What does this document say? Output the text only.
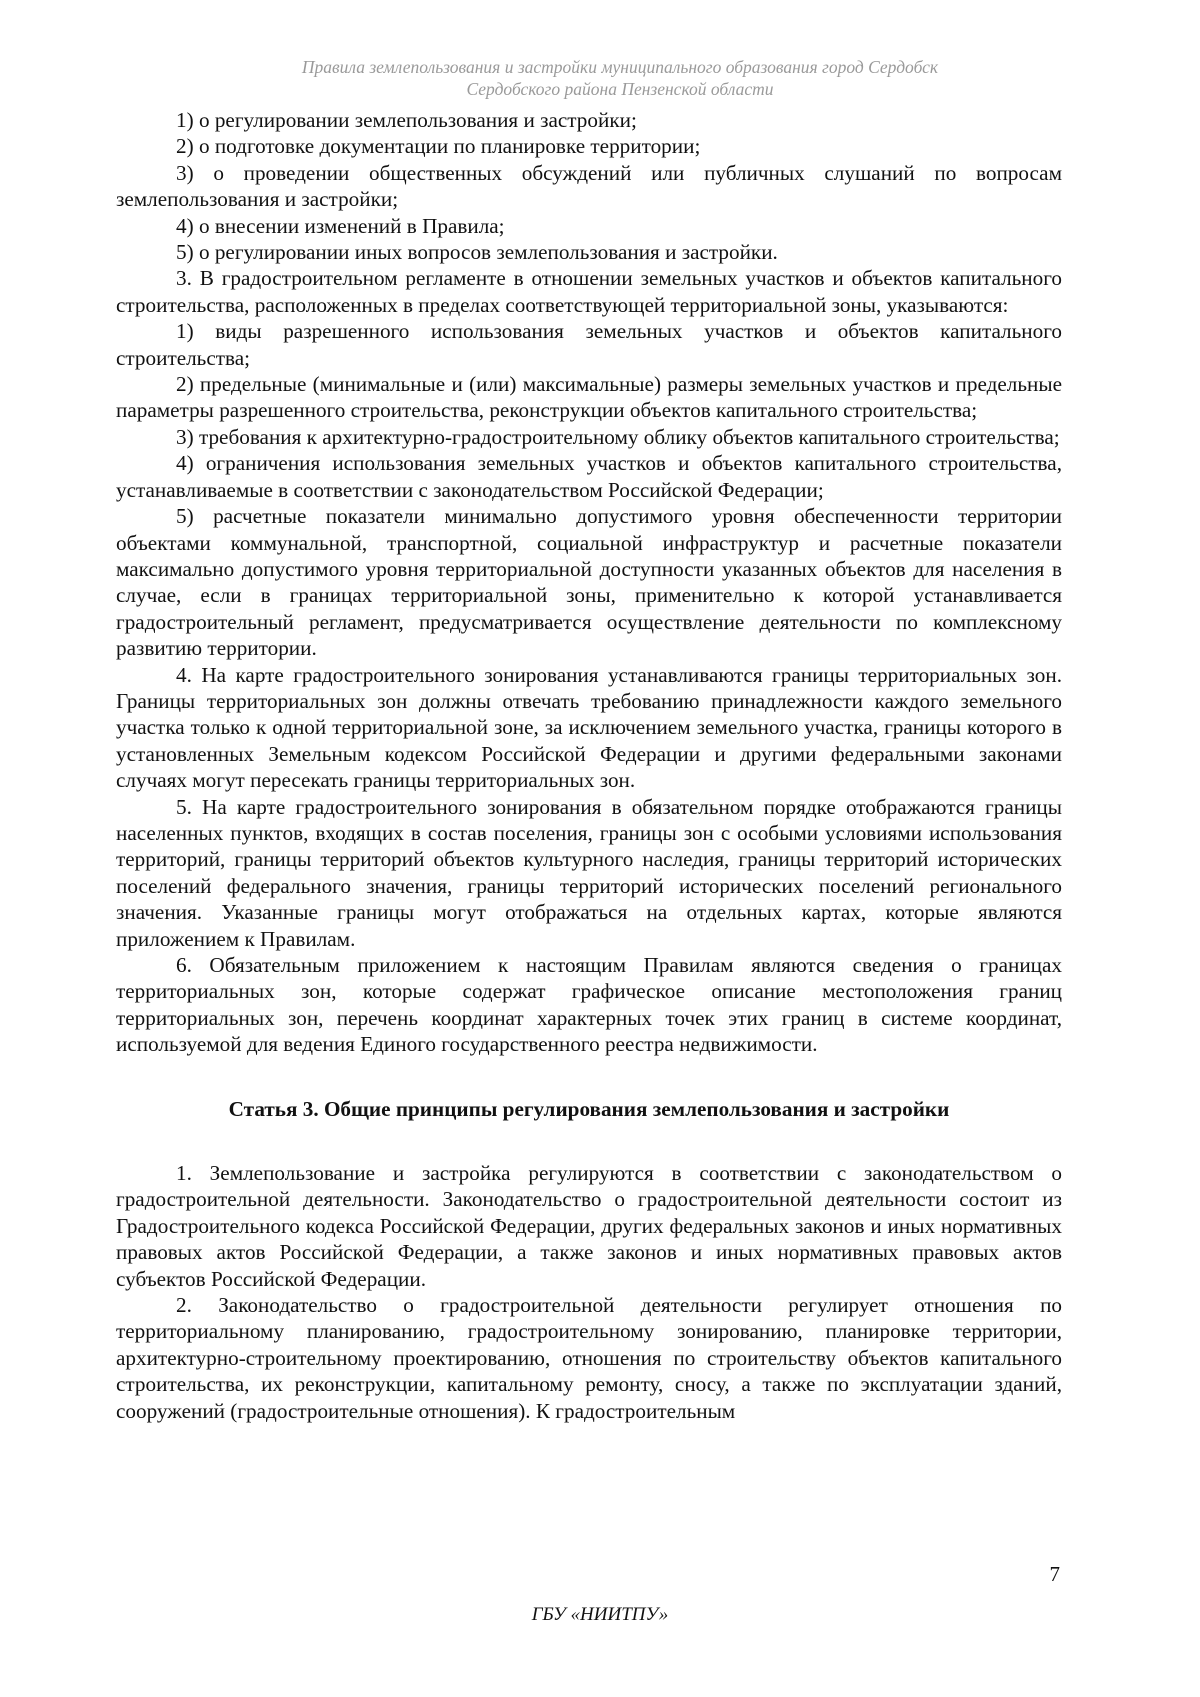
Правила землепользования и застройки муниципального образования город Сердобск
Сердобского района Пензенской области

1) о регулировании землепользования и застройки;

2) о подготовке документации по планировке территории;

3) о проведении общественных обсуждений или публичных слушаний по вопросам землепользования и застройки;

4) о внесении изменений в Правила;

5) о регулировании иных вопросов землепользования и застройки.

3. В градостроительном регламенте в отношении земельных участков и объектов капитального строительства, расположенных в пределах соответствующей территориальной зоны, указываются:

1) виды разрешенного использования земельных участков и объектов капитального строительства;

2) предельные (минимальные и (или) максимальные) размеры земельных участков и предельные параметры разрешенного строительства, реконструкции объектов капитального строительства;

3) требования к архитектурно-градостроительному облику объектов капитального строительства;

4) ограничения использования земельных участков и объектов капитального строительства, устанавливаемые в соответствии с законодательством Российской Федерации;

5) расчетные показатели минимально допустимого уровня обеспеченности территории объектами коммунальной, транспортной, социальной инфраструктур и расчетные показатели максимально допустимого уровня территориальной доступности указанных объектов для населения в случае, если в границах территориальной зоны, применительно к которой устанавливается градостроительный регламент, предусматривается осуществление деятельности по комплексному развитию территории.

4. На карте градостроительного зонирования устанавливаются границы территориальных зон. Границы территориальных зон должны отвечать требованию принадлежности каждого земельного участка только к одной территориальной зоне, за исключением земельного участка, границы которого в установленных Земельным кодексом Российской Федерации и другими федеральными законами случаях могут пересекать границы территориальных зон.

5. На карте градостроительного зонирования в обязательном порядке отображаются границы населенных пунктов, входящих в состав поселения, границы зон с особыми условиями использования территорий, границы территорий объектов культурного наследия, границы территорий исторических поселений федерального значения, границы территорий исторических поселений регионального значения. Указанные границы могут отображаться на отдельных картах, которые являются приложением к Правилам.

6. Обязательным приложением к настоящим Правилам являются сведения о границах территориальных зон, которые содержат графическое описание местоположения границ территориальных зон, перечень координат характерных точек этих границ в системе координат, используемой для ведения Единого государственного реестра недвижимости.

Статья 3. Общие принципы регулирования землепользования и застройки

1. Землепользование и застройка регулируются в соответствии с законодательством о градостроительной деятельности. Законодательство о градостроительной деятельности состоит из Градостроительного кодекса Российской Федерации, других федеральных законов и иных нормативных правовых актов Российской Федерации, а также законов и иных нормативных правовых актов субъектов Российской Федерации.

2. Законодательство о градостроительной деятельности регулирует отношения по территориальному планированию, градостроительному зонированию, планировке территории, архитектурно-строительному проектированию, отношения по строительству объектов капитального строительства, их реконструкции, капитальному ремонту, сносу, а также по эксплуатации зданий, сооружений (градостроительные отношения). К градостроительным

7
ГБУ «НИИТПУ»
